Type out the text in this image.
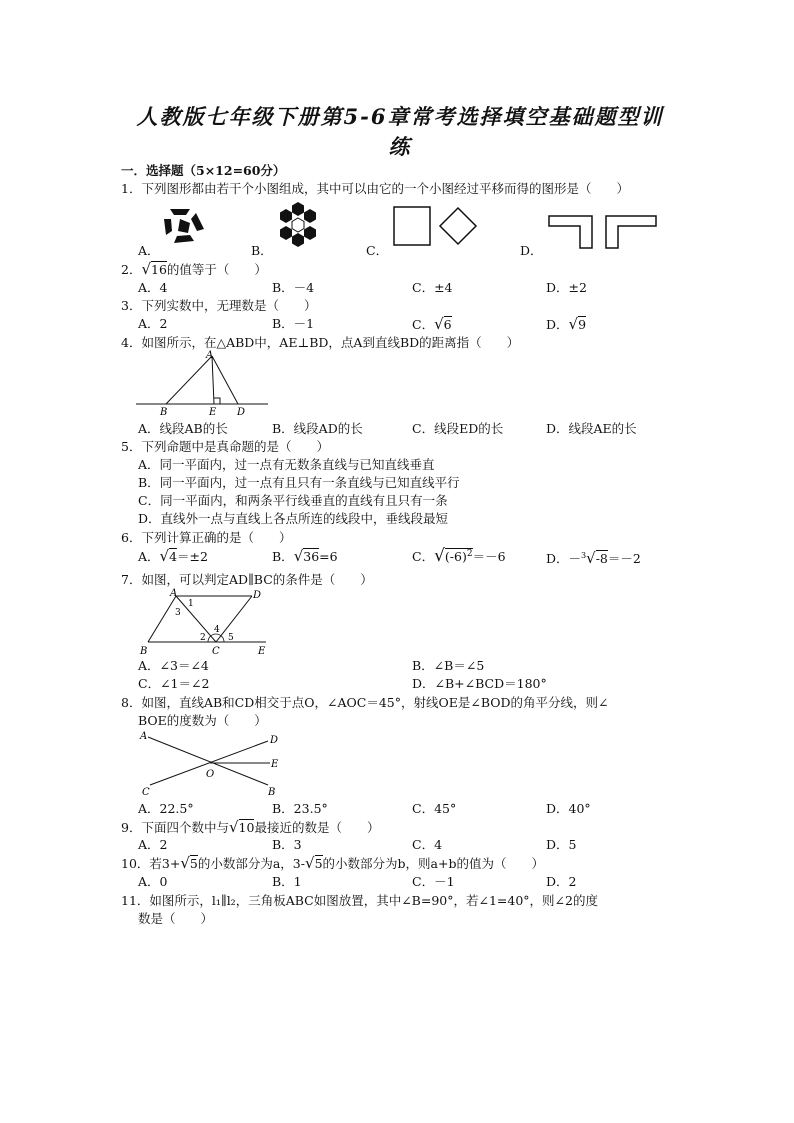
人教版七年级下册第5-6章常考选择填空基础题型训
练
一．选择题（5×12=60分）
1．下列图形都由若干个小图组成，其中可以由它的一个小图经过平移而得的图形是（　　）
A．	B．	C．	D．
2．√16的值等于（　　）
A．4	B．－4	C．±4	D．±2
3．下列实数中，无理数是（　　）
A．2	B．－1	C．√6	D．√9
4．如图所示，在△ABD中，AE⊥BD，点A到直线BD的距离指（　　）
A
B	E D
A．线段AB的长	B．线段AD的长	C．线段ED的长	D．线段AE的长
5．下列命题中是真命题的是（　　）
A．同一平面内，过一点有无数条直线与已知直线垂直
B．同一平面内，过一点有且只有一条直线与已知直线平行
C．同一平面内，和两条平行线垂直的直线有且只有一条
D．直线外一点与直线上各点所连的线段中，垂线段最短
6．下列计算正确的是（　　）
A．√4＝±2	B．√36=6	C．$√(-6)^2=-6$	D．－$^3$√-8＝－2
7．如图，可以判定AD∥BC的条件是（　　）
A	D
B	C	E
1
3
2
4
5
A．∠3＝∠4	B．∠B＝∠5
C．∠1＝∠2	D．∠B+∠BCD＝180°
8．如图，直线AB和CD相交于点O，∠AOC＝45°，射线OE是∠BOD的角平分线，则∠
BOE的度数为（　　）
A	D
E
O
C	B
A．22.5°	B．23.5°	C．45°	D．40°
9．下面四个数中与√10最接近的数是（　　）
A．2	B．3	C．4	D．5
10．若3+√5的小数部分为a，3-√5的小数部分为b，则a+b的值为（　　）
A．0	B．1	C．－1	D．2
11．如图所示，l₁∥l₂，三角板ABC如图放置，其中∠B=90°，若∠1=40°，则∠2的度
数是（　　）
